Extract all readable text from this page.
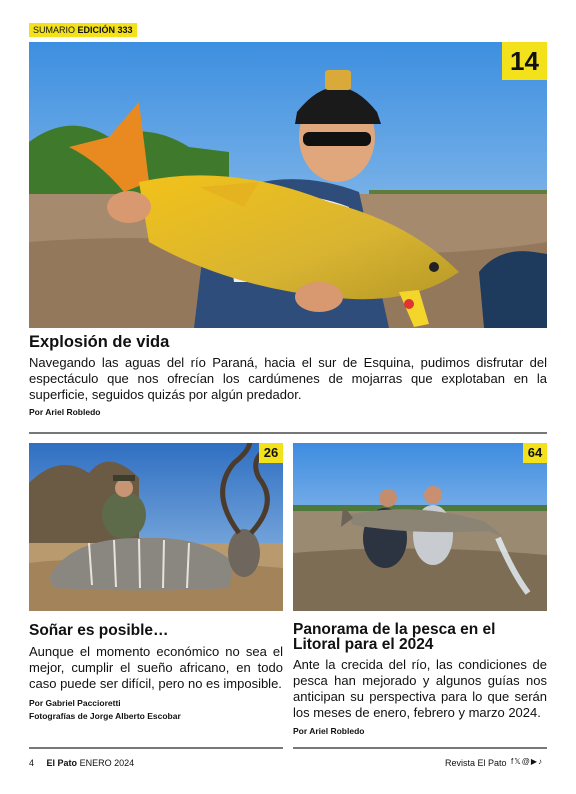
SUMARIO EDICIÓN 333
14
Explosión de vida

Navegando las aguas del río Paraná, hacia el sur de Esquina, pudimos disfrutar del espectáculo que nos ofrecían los cardúmenes de mojarras que explotaban en la superficie, seguidos quizás por algún predador.

Por Ariel Robledo

26	64
Soñar es posible…

Aunque el momento económico no sea el mejor, cumplir el sueño africano, en todo caso puede ser difícil, pero no es imposible.

Por Gabriel Paccioretti

Fotografías de Jorge Alberto Escobar

Panorama de la pesca en el Litoral para el 2024

Ante la crecida del río, las condiciones de pesca han mejorado y algunos guías nos anticipan su perspectiva para lo que serán los meses de enero, febrero y marzo 2024.

Por Ariel Robledo

4 El Pato ENERO 2024	Revista El Pato f𝕏@▶♪
